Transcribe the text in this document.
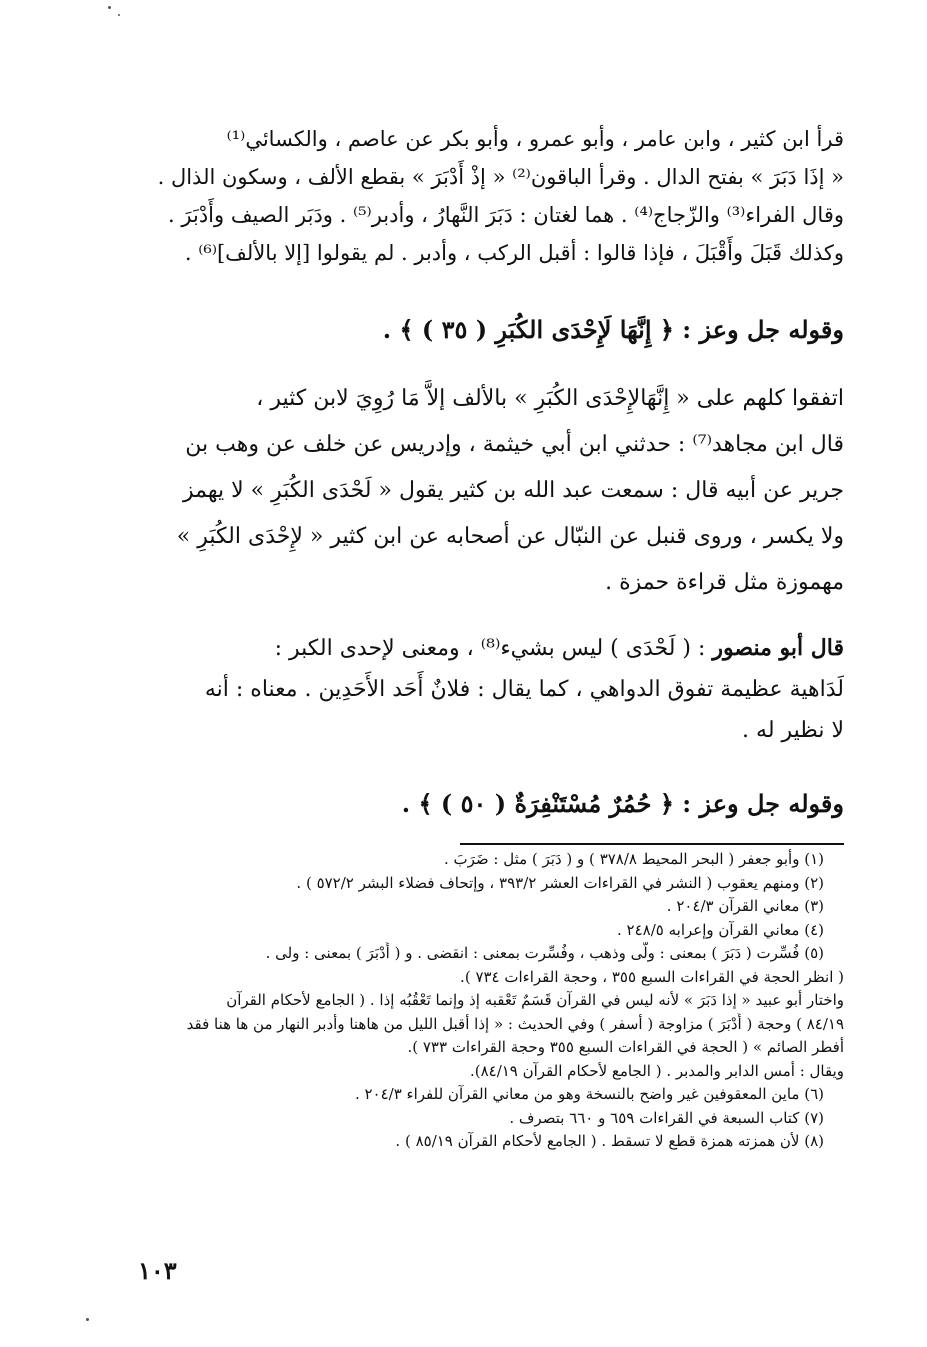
قرأ ابن كثير ، وابن عامر ، وأبو عمرو ، وأبو بكر عن عاصم ، والكسائي⁽¹⁾

« إذَا دَبَرَ » بفتح الدال . وقرأ الباقون⁽²⁾ « إذْ أَدْبَرَ » بقطع الألف ، وسكون الذال .

وقال الفراء⁽³⁾ والزّجاج⁽⁴⁾ . هما لغتان : دَبَرَ النَّهارُ ، وأدبر⁽⁵⁾ . ودَبَر الصيف وأَدْبَرَ .

وكذلك قَبَلَ وأَقْبَلَ ، فإذا قالوا : أقبل الركب ، وأدبر . لم يقولوا [إلا بالألف]⁽⁶⁾ .

وقوله جل وعز : ﴿ إِنَّهَا لَإِحْدَى الكُبَرِ ( ٣٥ ) ﴾ .

اتفقوا كلهم على « إِنَّهَالإِحْدَى الكُبَرِ » بالألف إلاَّ مَا رُوِيَ لابن كثير ،

قال ابن مجاهد⁽⁷⁾ : حدثني ابن أبي خيثمة ، وإدريس عن خلف عن وهب بن

جرير عن أبيه قال : سمعت عبد الله بن كثير يقول « لَحْدَى الكُبَرِ » لا يهمز

ولا يكسر ، وروى قنبل عن النبّال عن أصحابه عن ابن كثير « لإِحْدَى الكُبَرِ »

مهموزة مثل قراءة حمزة .

قال أبو منصور : ( لَحْدَى ) ليس بشيء⁽⁸⁾ ، ومعنى لإحدى الكبر :

لَدَاهية عظيمة تفوق الدواهي ، كما يقال : فلانٌ أَحَد الأَحَدِين . معناه : أنه

لا نظير له .

وقوله جل وعز : ﴿ حُمُرٌ مُسْتَنْفِرَةٌ ( ٥٠ ) ﴾ .

(١) وأبو جعفر ( البحر المحيط ٣٧٨/٨ ) و ( دَبَرَ ) مثل : ضَرَبَ .

(٢) ومنهم يعقوب ( النشر في القراءات العشر ٣٩٣/٢ ، وإتحاف فضلاء البشر ٥٧٢/٢ ) .

(٣) معاني القرآن ٢٠٤/٣ .

(٤) معاني القرآن وإعرابه ٢٤٨/٥ .

(٥) فُسِّرت ( دَبَرَ ) بمعنى : ولَّى وذهب ، وفُسِّرت بمعنى : انقضى . و ( أَدْبَرَ ) بمعنى : ولى .

( انظر الحجة في القراءات السبع ٣٥٥ ، وحجة القراءات ٧٣٤ ).

واختار أبو عبيد « إذا دَبَرَ » لأنه ليس في القرآن قَسَمٌ تَعْقبه إذ وإنما تَعْقُبُه إذا . ( الجامع لأحكام القرآن

٨٤/١٩ ) وحجة ( أَدْبَرَ ) مزاوجة ( أسفر ) وفي الحديث : « إذا أقبل الليل من هاهنا وأدبر النهار من ها هنا فقد

أفطر الصائم » ( الحجة في القراءات السبع ٣٥٥ وحجة القراءات ٧٣٣ ).

ويقال : أمس الدابر والمدبر . ( الجامع لأحكام القرآن ٨٤/١٩).

(٦) ماين المعقوفين غير واضح بالنسخة وهو من معاني القرآن للفراء ٢٠٤/٣ .

(٧) كتاب السبعة في القراءات ٦٥٩ و ٦٦٠ بتصرف .

(٨) لأن همزته همزة قطع لا تسقط . ( الجامع لأحكام القرآن ٨٥/١٩ ) .

١٠٣
